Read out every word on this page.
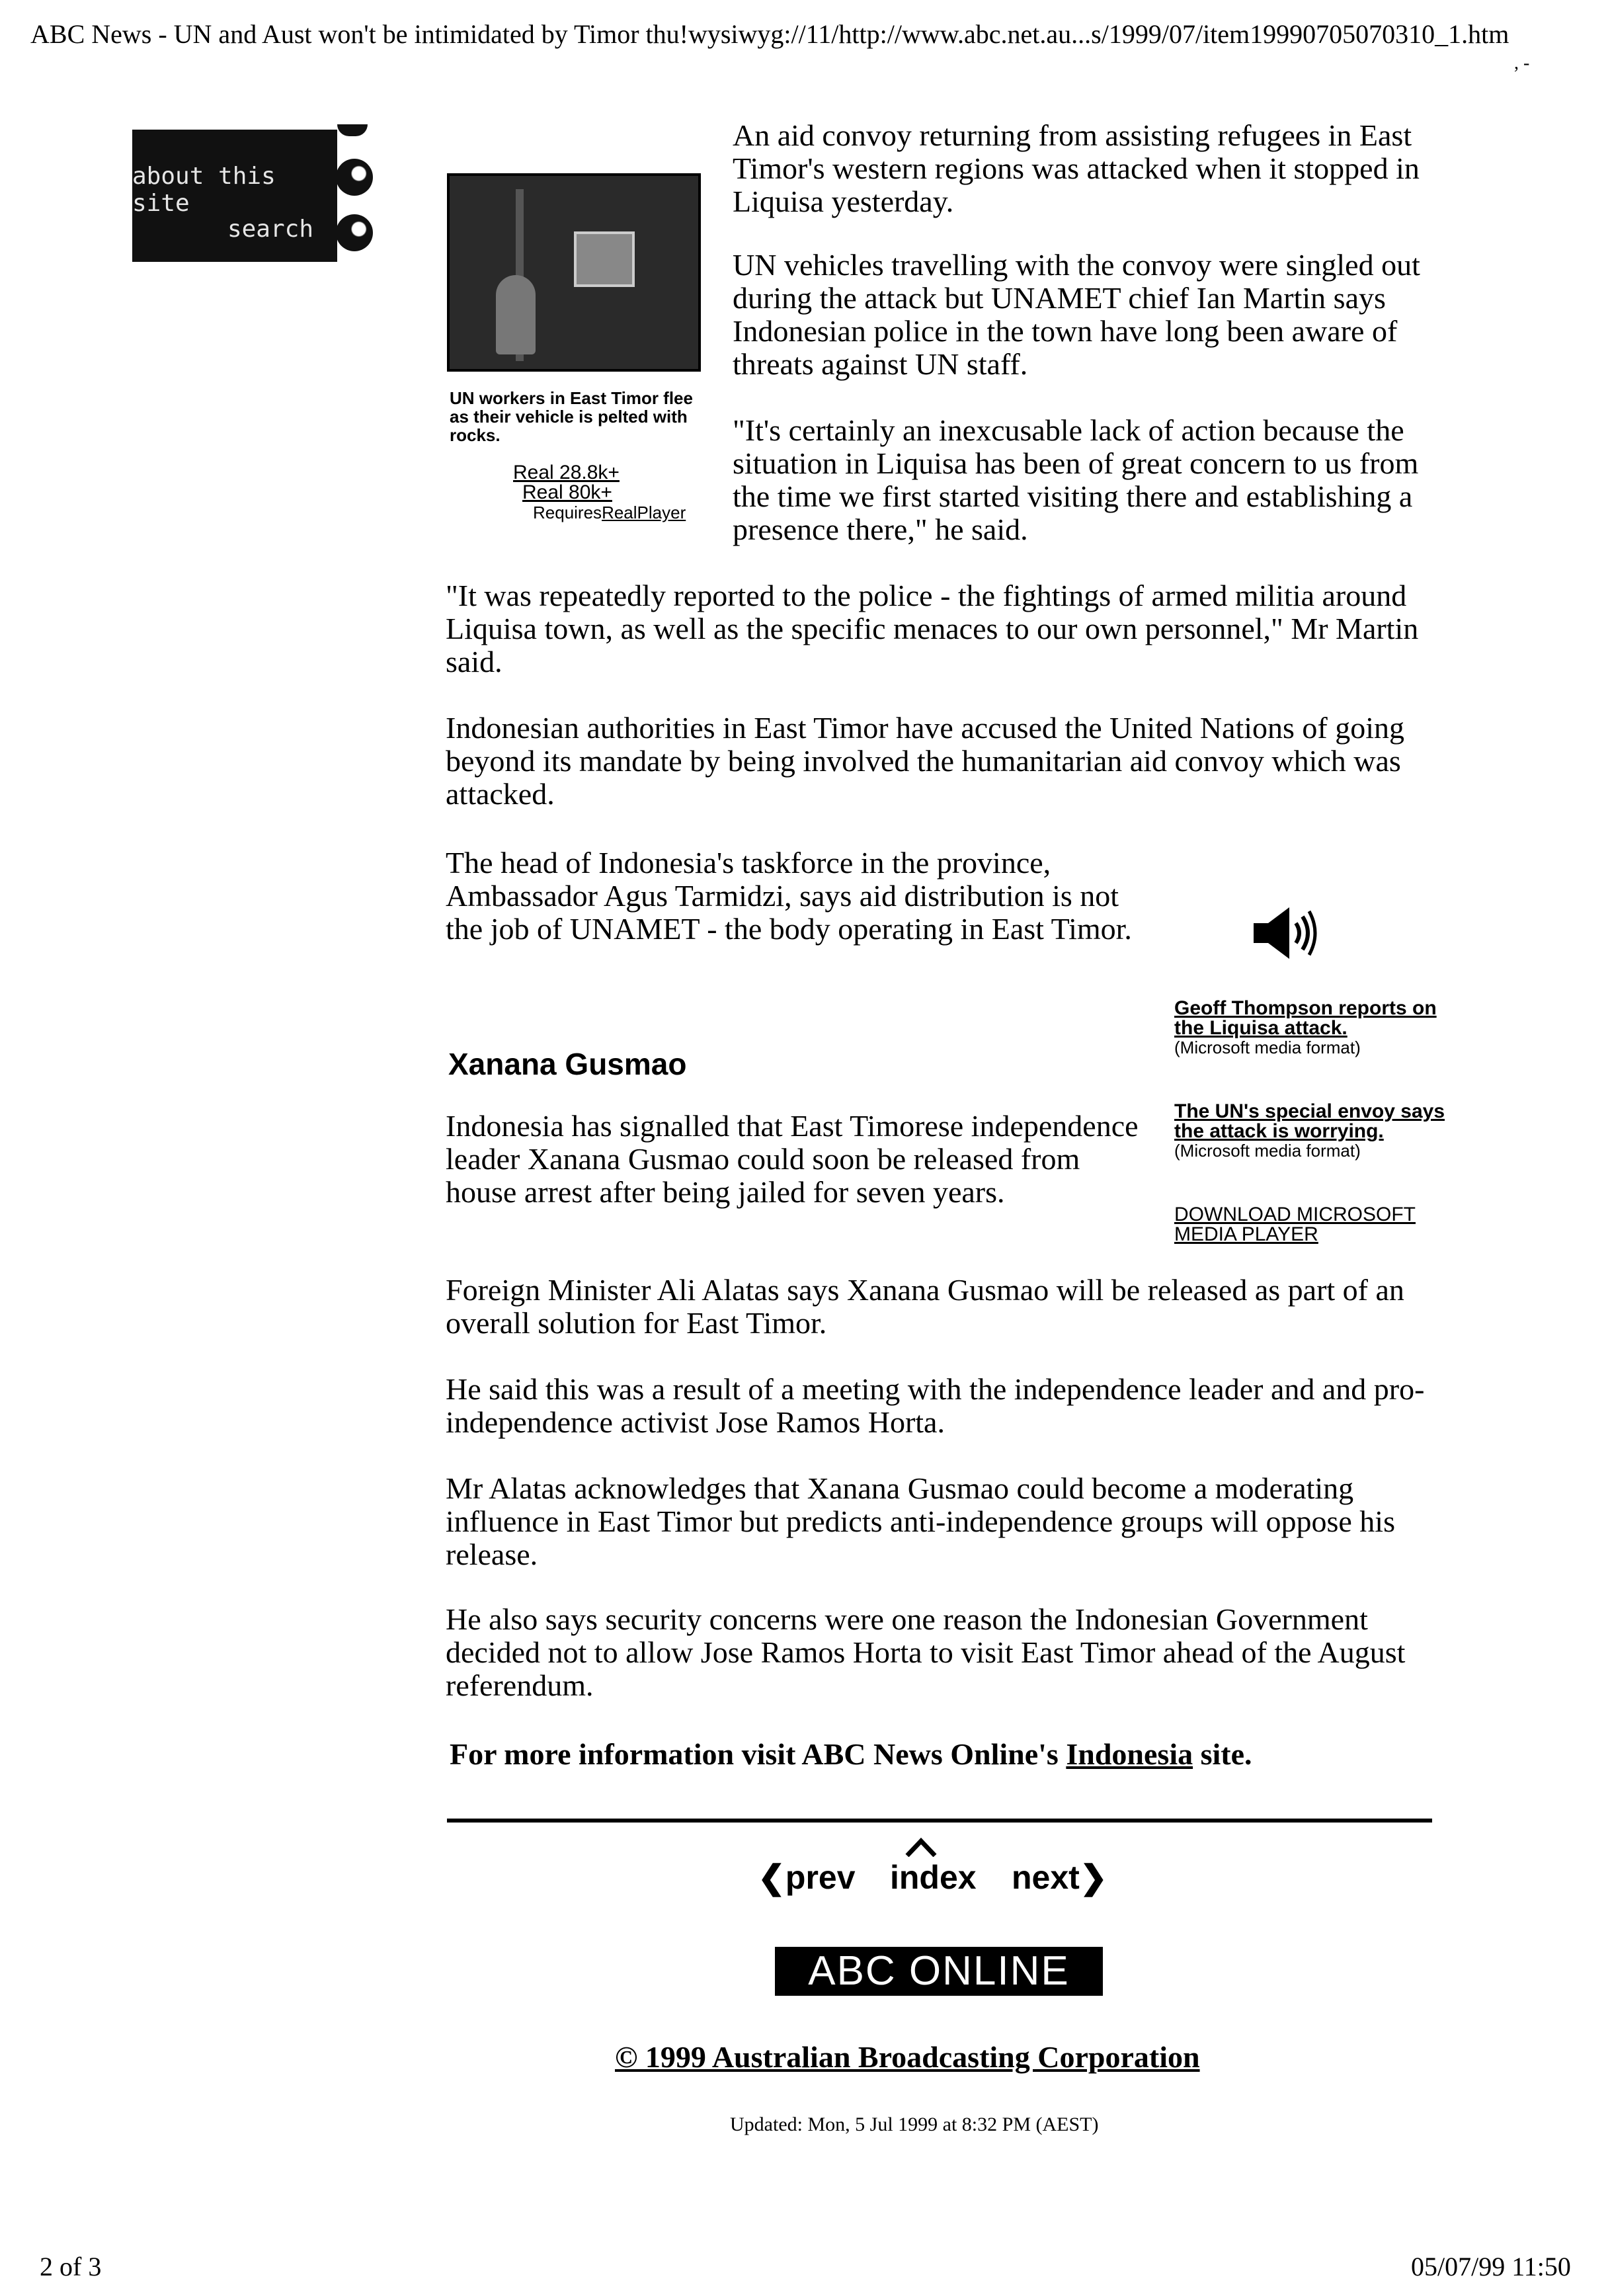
ABC News - UN and Aust won't be intimidated by Timor thu!wysiwyg://11/http://www.abc.net.au...s/1999/07/item19990705070310_1.htm
, -
about this site
search
UN workers in East Timor flee as their vehicle is pelted with rocks.
Real 28.8k+
Real 80k+
RequiresRealPlayer

An aid convoy returning from assisting refugees in East Timor's western regions was attacked when it stopped in Liquisa yesterday.

UN vehicles travelling with the convoy were singled out during the attack but UNAMET chief Ian Martin says Indonesian police in the town have long been aware of threats against UN staff.

"It's certainly an inexcusable lack of action because the situation in Liquisa has been of great concern to us from the time we first started visiting there and establishing a presence there," he said.

"It was repeatedly reported to the police - the fightings of armed militia around Liquisa town, as well as the specific menaces to our own personnel," Mr Martin said.

Indonesian authorities in East Timor have accused the United Nations of going beyond its mandate by being involved the humanitarian aid convoy which was attacked.

The head of Indonesia's taskforce in the province, Ambassador Agus Tarmidzi, says aid distribution is not the job of UNAMET - the body operating in East Timor.

Xanana Gusmao

Indonesia has signalled that East Timorese independence leader Xanana Gusmao could soon be released from house arrest after being jailed for seven years.

Foreign Minister Ali Alatas says Xanana Gusmao will be released as part of an overall solution for East Timor.

He said this was a result of a meeting with the independence leader and and pro-independence activist Jose Ramos Horta.

Mr Alatas acknowledges that Xanana Gusmao could become a moderating influence in East Timor but predicts anti-independence groups will oppose his release.

He also says security concerns were one reason the Indonesian Government decided not to allow Jose Ramos Horta to visit East Timor ahead of the August referendum.

Geoff Thompson reports on the Liquisa attack.
(Microsoft media format)
The UN's special envoy says the attack is worrying.
(Microsoft media format)
DOWNLOAD MICROSOFT MEDIA PLAYER
For more information visit ABC News Online's Indonesia site.
❮prev index next❯
ABC ONLINE
© 1999 Australian Broadcasting Corporation
Updated: Mon, 5 Jul 1999 at 8:32 PM (AEST)
2 of 3	05/07/99 11:50
